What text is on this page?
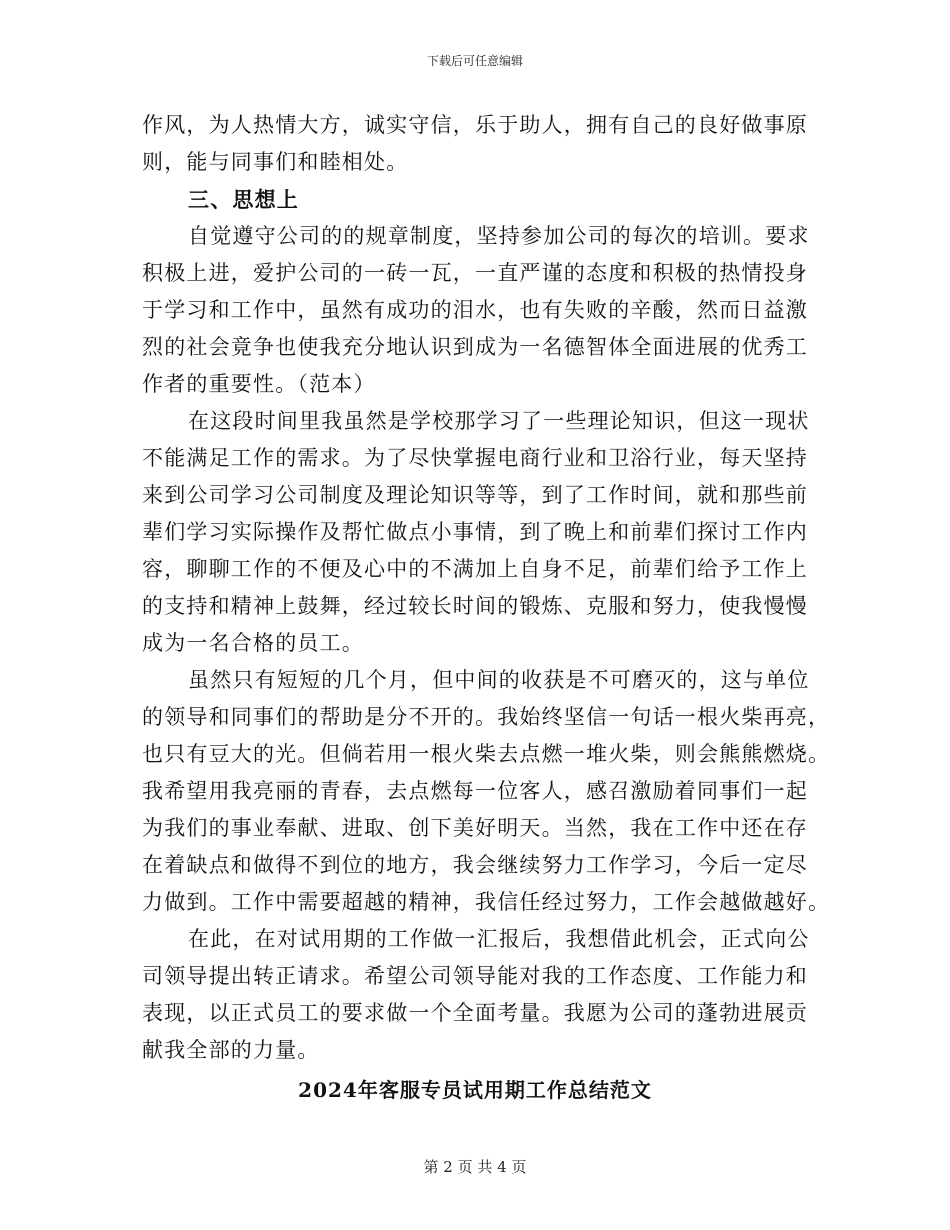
下载后可任意编辑
作风，为人热情大方，诚实守信，乐于助人，拥有自己的良好做事原
则，能与同事们和睦相处。
三、思想上
自觉遵守公司的的规章制度，坚持参加公司的每次的培训。要求
积极上进，爱护公司的一砖一瓦，一直严谨的态度和积极的热情投身
于学习和工作中，虽然有成功的泪水，也有失败的辛酸，然而日益激
烈的社会竟争也使我充分地认识到成为一名德智体全面进展的优秀工
作者的重要性。（范本）
在这段时间里我虽然是学校那学习了一些理论知识，但这一现状
不能满足工作的需求。为了尽快掌握电商行业和卫浴行业，每天坚持
来到公司学习公司制度及理论知识等等，到了工作时间，就和那些前
辈们学习实际操作及帮忙做点小事情，到了晚上和前辈们探讨工作内
容，聊聊工作的不便及心中的不满加上自身不足，前辈们给予工作上
的支持和精神上鼓舞，经过较长时间的锻炼、克服和努力，使我慢慢
成为一名合格的员工。
虽然只有短短的几个月，但中间的收获是不可磨灭的，这与单位
的领导和同事们的帮助是分不开的。我始终坚信一句话一根火柴再亮，
也只有豆大的光。但倘若用一根火柴去点燃一堆火柴，则会熊熊燃烧。
我希望用我亮丽的青春，去点燃每一位客人，感召激励着同事们一起
为我们的事业奉献、进取、创下美好明天。当然，我在工作中还在存
在着缺点和做得不到位的地方，我会继续努力工作学习，今后一定尽
力做到。工作中需要超越的精神，我信任经过努力，工作会越做越好。
在此，在对试用期的工作做一汇报后，我想借此机会，正式向公
司领导提出转正请求。希望公司领导能对我的工作态度、工作能力和
表现，以正式员工的要求做一个全面考量。我愿为公司的蓬勃进展贡
献我全部的力量。
2024年客服专员试用期工作总结范文
第 2 页 共 4 页
